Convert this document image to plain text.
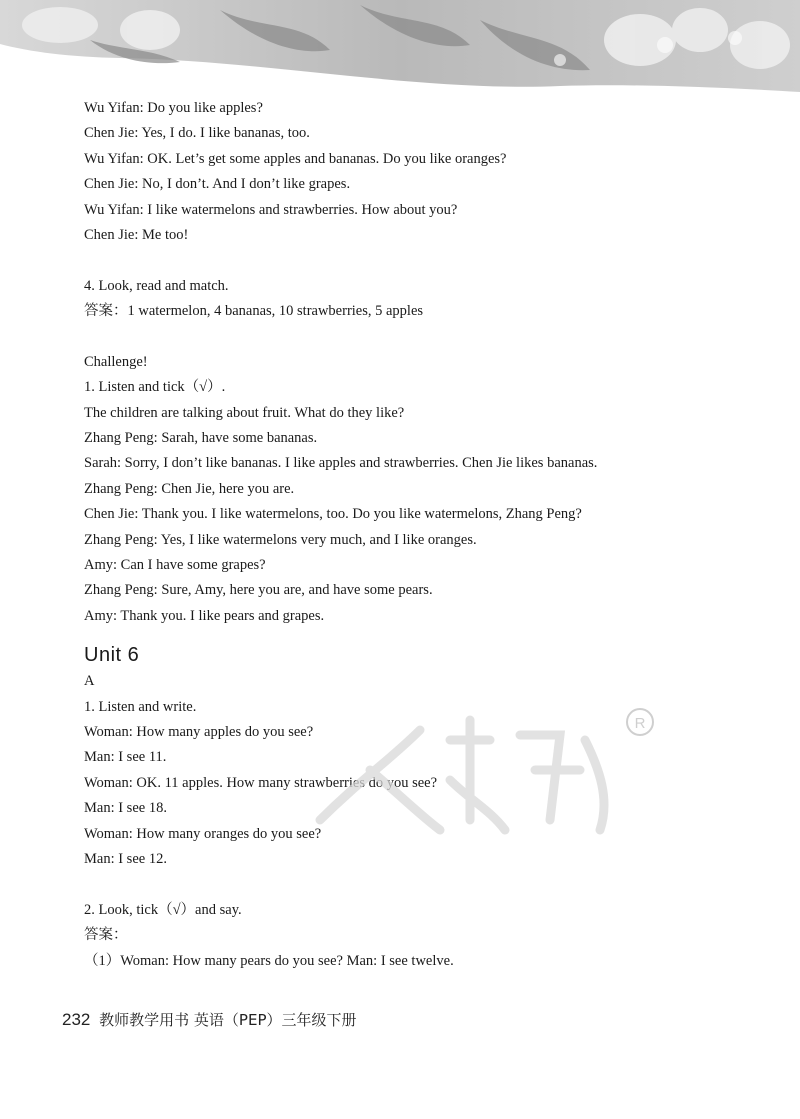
Wu Yifan: Do you like apples?
Chen Jie: Yes, I do. I like bananas, too.
Wu Yifan: OK. Let’s get some apples and bananas. Do you like oranges?
Chen Jie: No, I don’t. And I don’t like grapes.
Wu Yifan: I like watermelons and strawberries. How about you?
Chen Jie: Me too!
4. Look, read and match.
答案：1 watermelon, 4 bananas, 10 strawberries, 5 apples
Challenge!
1. Listen and tick（√）.
The children are talking about fruit. What do they like?
Zhang Peng: Sarah, have some bananas.
Sarah: Sorry, I don’t like bananas. I like apples and strawberries. Chen Jie likes bananas.
Zhang Peng: Chen Jie, here you are.
Chen Jie: Thank you. I like watermelons, too. Do you like watermelons, Zhang Peng?
Zhang Peng: Yes, I like watermelons very much, and I like oranges.
Amy: Can I have some grapes?
Zhang Peng: Sure, Amy, here you are, and have some pears.
Amy: Thank you. I like pears and grapes.
Unit 6
A
1. Listen and write.
Woman: How many apples do you see?
Man: I see 11.
Woman: OK. 11 apples. How many strawberries do you see?
Man: I see 18.
Woman: How many oranges do you see?
Man: I see 12.
2. Look, tick（√）and say.
答案：
（1）Woman: How many pears do you see? Man: I see twelve.
R
232 教师教学用书 英语（PEP）三年级下册
